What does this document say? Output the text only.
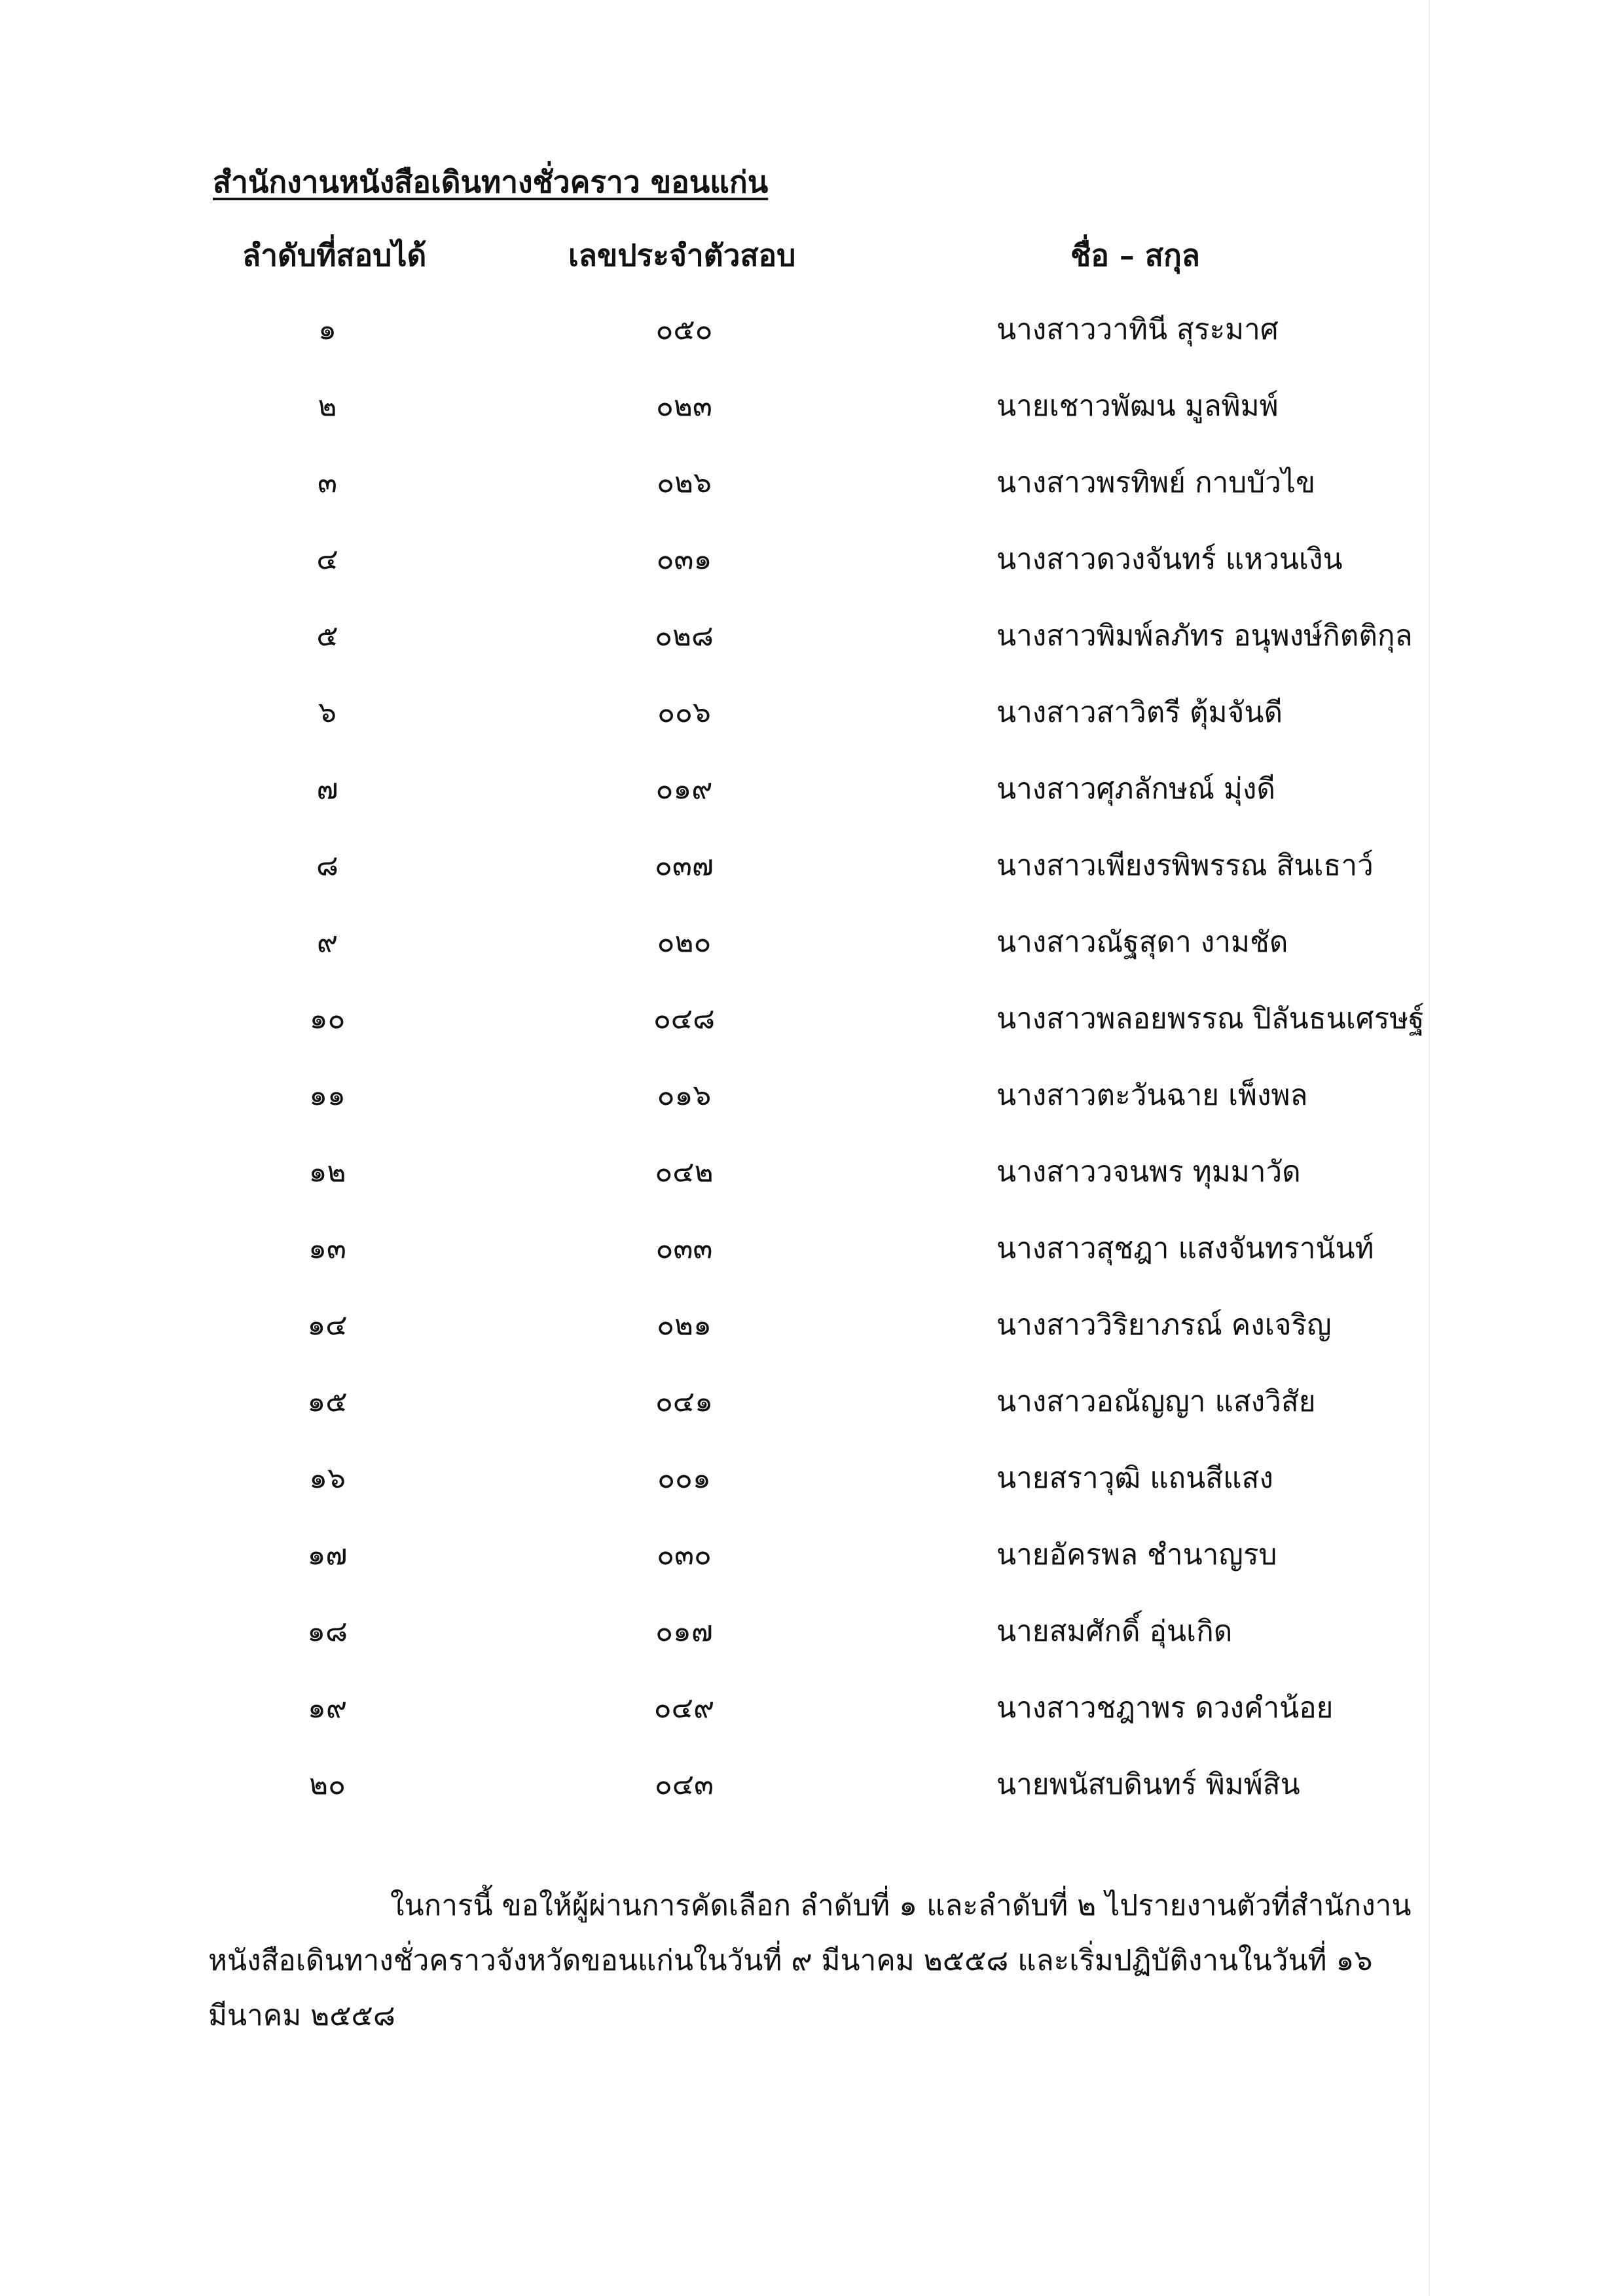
สำนักงานหนังสือเดินทางชั่วคราว ขอนแก่น
ลำดับที่สอบได้	เลขประจำตัวสอบ	ชื่อ – สกุล
๑	๐๕๐	นางสาววาทินี สุระมาศ
๒	๐๒๓	นายเชาวพัฒน มูลพิมพ์
๓	๐๒๖	นางสาวพรทิพย์ กาบบัวไข
๔	๐๓๑	นางสาวดวงจันทร์ แหวนเงิน
๕	๐๒๘	นางสาวพิมพ์ลภัทร อนุพงษ์กิตติกุล
๖	๐๐๖	นางสาวสาวิตรี ตุ้มจันดี
๗	๐๑๙	นางสาวศุภลักษณ์ มุ่งดี
๘	๐๓๗	นางสาวเพียงรพิพรรณ สินเธาว์
๙	๐๒๐	นางสาวณัฐสุดา งามชัด
๑๐	๐๔๘	นางสาวพลอยพรรณ ปิลันธนเศรษฐ์
๑๑	๐๑๖	นางสาวตะวันฉาย เพ็งพล
๑๒	๐๔๒	นางสาววจนพร ทุมมาวัด
๑๓	๐๓๓	นางสาวสุชฎา แสงจันทรานันท์
๑๔	๐๒๑	นางสาววิริยาภรณ์ คงเจริญ
๑๕	๐๔๑	นางสาวอณัญญา แสงวิสัย
๑๖	๐๐๑	นายสราวุฒิ แถนสีแสง
๑๗	๐๓๐	นายอัครพล ชำนาญรบ
๑๘	๐๑๗	นายสมศักดิ์ อุ่นเกิด
๑๙	๐๔๙	นางสาวชฎาพร ดวงคำน้อย
๒๐	๐๔๓	นายพนัสบดินทร์ พิมพ์สิน

ในการนี้ ขอให้ผู้ผ่านการคัดเลือก ลำดับที่ ๑ และลำดับที่ ๒ ไปรายงานตัวที่สำนักงานหนังสือเดินทางชั่วคราวจังหวัดขอนแก่นในวันที่ ๙ มีนาคม ๒๕๕๘ และเริ่มปฏิบัติงานในวันที่ ๑๖ มีนาคม ๒๕๕๘
